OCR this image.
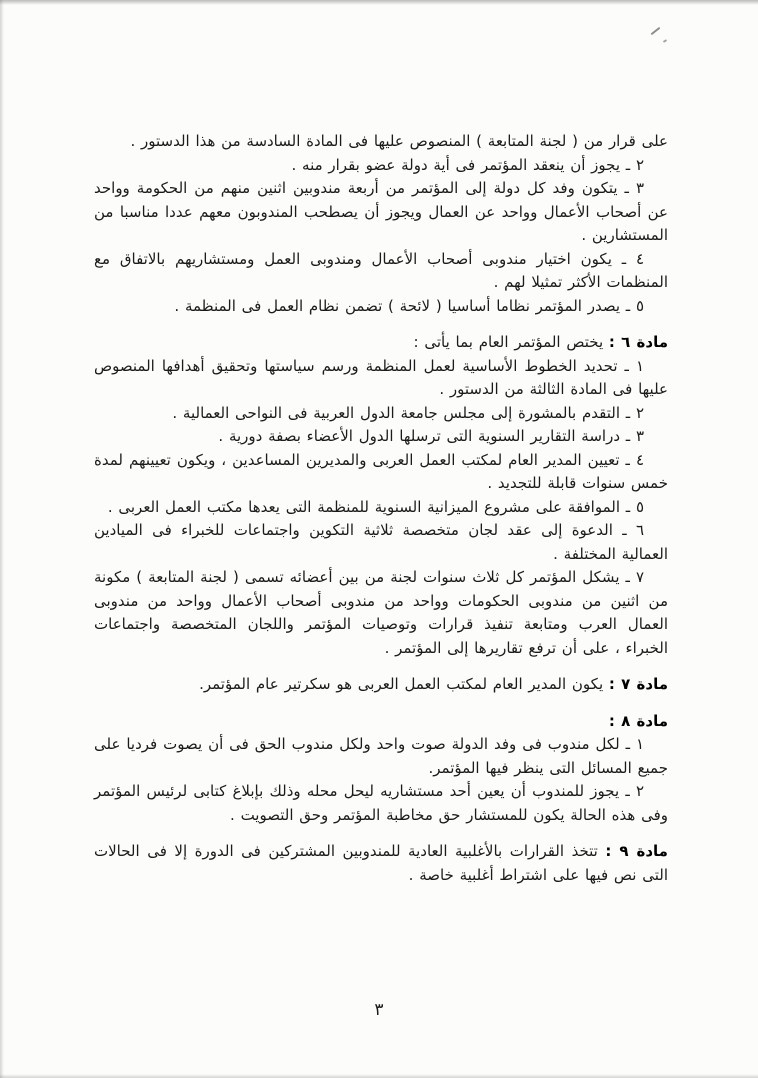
على قرار من ( لجنة المتابعة ) المنصوص عليها فى المادة السادسة من هذا الدستور .

٢ ـ يجوز أن ينعقد المؤتمر فى أية دولة عضو بقرار منه .

٣ ـ يتكون وفد كل دولة إلى المؤتمر من أربعة مندوبين اثنين منهم من الحكومة وواحد عن أصحاب الأعمال وواحد عن العمال ويجوز أن يصطحب المندوبون معهم عددا مناسبا من المستشارين .

٤ ـ يكون اختيار مندوبى أصحاب الأعمال ومندوبى العمل ومستشاريهم بالاتفاق مع المنظمات الأكثر تمثيلا لهم .

٥ ـ يصدر المؤتمر نظاما أساسيا ( لائحة ) تضمن نظام العمل فى المنظمة .

مادة ٦ : يختص المؤتمر العام بما يأتى :

١ ـ تحديد الخطوط الأساسية لعمل المنظمة ورسم سياستها وتحقيق أهدافها المنصوص عليها فى المادة الثالثة من الدستور .

٢ ـ التقدم بالمشورة إلى مجلس جامعة الدول العربية فى النواحى العمالية .

٣ ـ دراسة التقارير السنوية التى ترسلها الدول الأعضاء بصفة دورية .

٤ ـ تعيين المدير العام لمكتب العمل العربى والمديرين المساعدين ، ويكون تعيينهم لمدة خمس سنوات قابلة للتجديد .

٥ ـ الموافقة على مشروع الميزانية السنوية للمنظمة التى يعدها مكتب العمل العربى .

٦ ـ الدعوة إلى عقد لجان متخصصة ثلاثية التكوين واجتماعات للخبراء فى الميادين العمالية المختلفة .

٧ ـ يشكل المؤتمر كل ثلاث سنوات لجنة من بين أعضائه تسمى ( لجنة المتابعة ) مكونة من اثنين من مندوبى الحكومات وواحد من مندوبى أصحاب الأعمال وواحد من مندوبى العمال العرب ومتابعة تنفيذ قرارات وتوصيات المؤتمر واللجان المتخصصة واجتماعات الخبراء ، على أن ترفع تقاريرها إلى المؤتمر .

مادة ٧ : يكون المدير العام لمكتب العمل العربى هو سكرتير عام المؤتمر.

مادة ٨ :

١ ـ لكل مندوب فى وفد الدولة صوت واحد ولكل مندوب الحق فى أن يصوت فرديا على جميع المسائل التى ينظر فيها المؤتمر.

٢ ـ يجوز للمندوب أن يعين أحد مستشاريه ليحل محله وذلك بإبلاغ كتابى لرئيس المؤتمر وفى هذه الحالة يكون للمستشار حق مخاطبة المؤتمر وحق التصويت .

مادة ٩ : تتخذ القرارات بالأغلبية العادية للمندوبين المشتركين فى الدورة إلا فى الحالات التى نص فيها على اشتراط أغلبية خاصة .

٣
